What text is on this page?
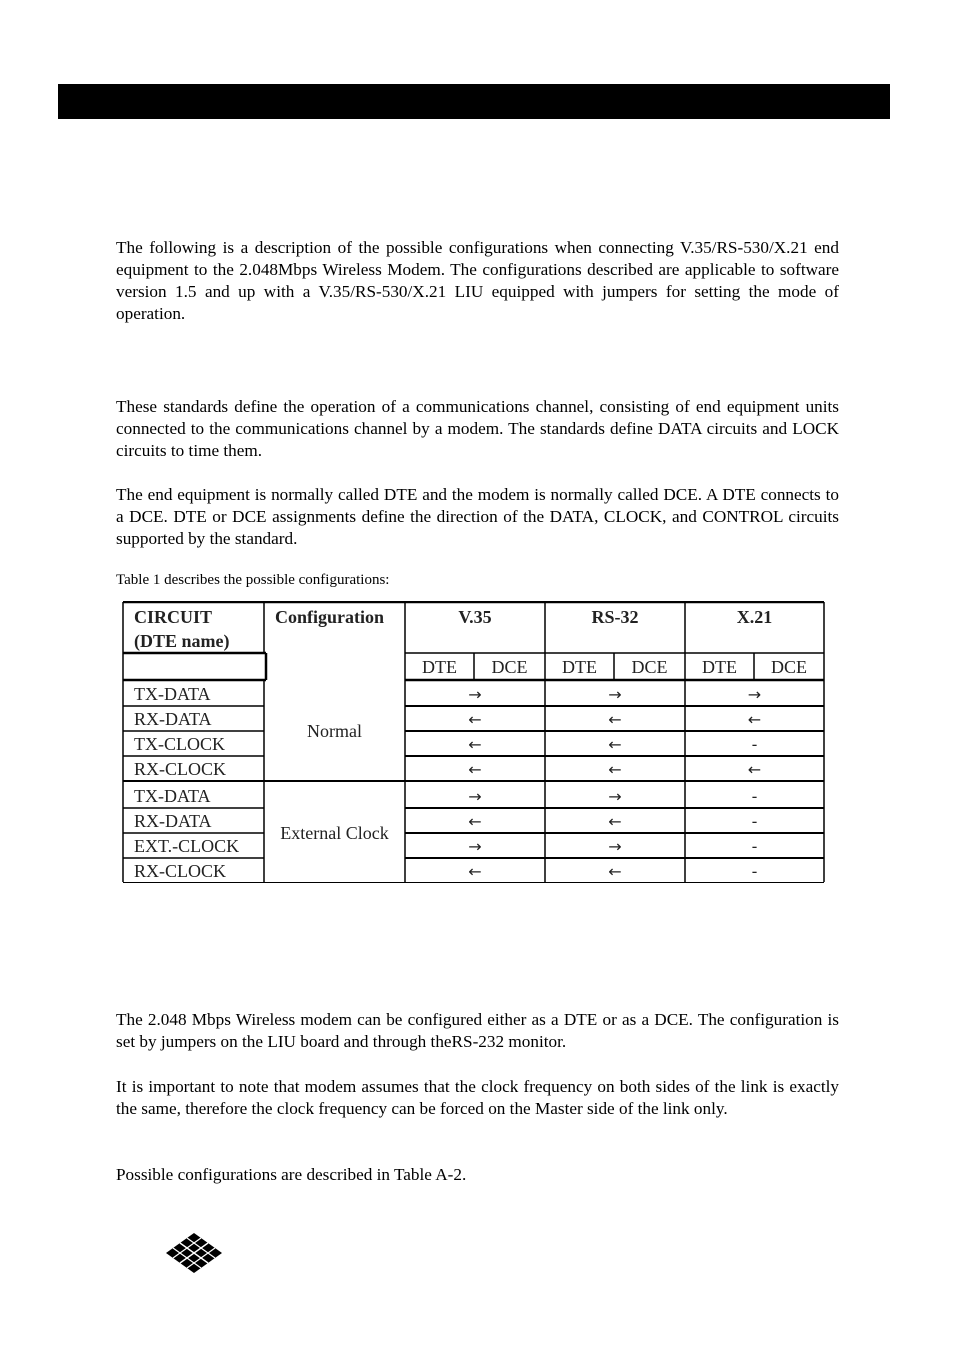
The following is a description of the possible configurations when connecting V.35/RS-530/X.21 end equipment to the 2.048Mbps Wireless Modem. The configurations described are applicable to software version 1.5 and up with a V.35/RS-530/X.21 LIU equipped with jumpers for setting the mode of operation.

These standards define the operation of a communications channel, consisting of end equipment units connected to the communications channel by a modem. The standards define DATA circuits and LOCK circuits to time them.

The end equipment is normally called DTE and the modem is normally called DCE. A DTE connects to a DCE. DTE or DCE assignments define the direction of the DATA, CLOCK, and CONTROL circuits supported by the standard.

Table 1 describes the possible configurations:

CIRCUIT
(DTE name)
Configuration	V.35	RS-32	X.21
DTE DCE DTE DCE DTE DCE
TX-DATA	→	→	→
RX-DATA	←	←	←
TX-CLOCK	←	←	-
RX-CLOCK	←	←	←
Normal
TX-DATA	→	→	-
RX-DATA	←	←	-
EXT.-CLOCK	→	→	-
RX-CLOCK	←	←	-
External Clock

The 2.048 Mbps Wireless modem can be configured either as a DTE or as a DCE. The configuration is set by jumpers on the LIU board and through theRS-232 monitor.

It is important to note that modem assumes that the clock frequency on both sides of the link is exactly the same, therefore the clock frequency can be forced on the Master side of the link only.

Possible configurations are described in Table A-2.
